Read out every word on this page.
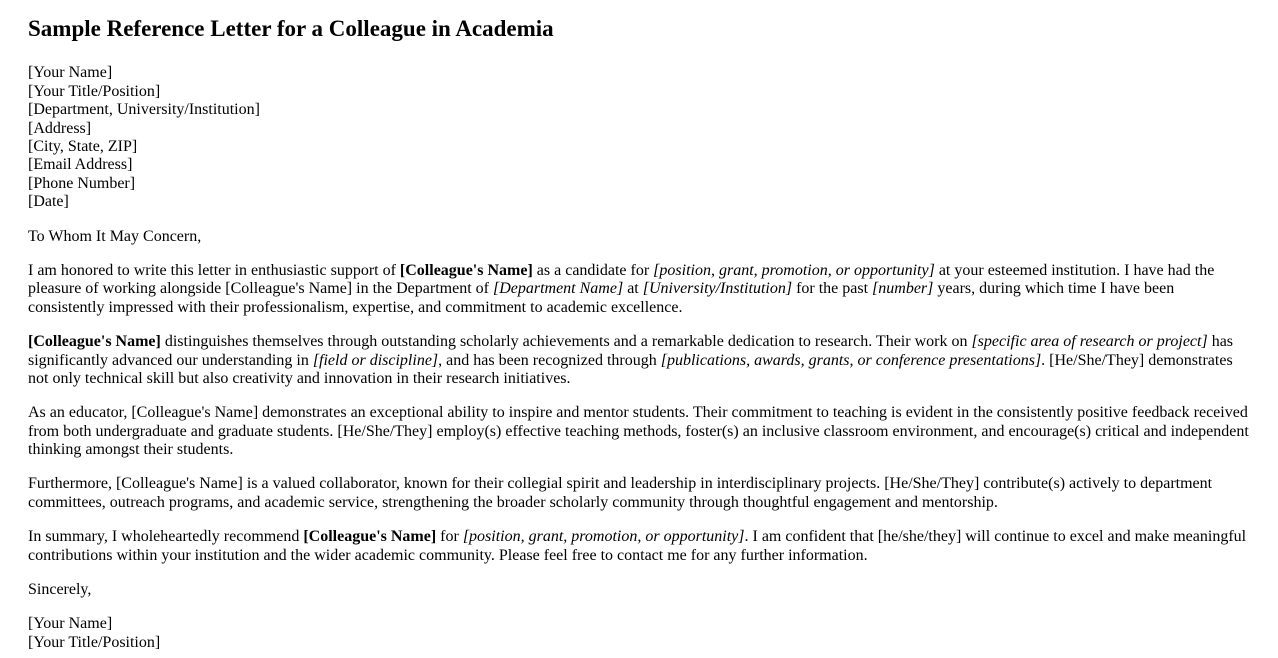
Sample Reference Letter for a Colleague in Academia

[Your Name]
[Your Title/Position]
[Department, University/Institution]
[Address]
[City, State, ZIP]
[Email Address]
[Phone Number]
[Date]

To Whom It May Concern,

I am honored to write this letter in enthusiastic support of [Colleague's Name] as a candidate for [position, grant, promotion, or opportunity] at your esteemed institution. I have had the pleasure of working alongside [Colleague's Name] in the Department of [Department Name] at [University/Institution] for the past [number] years, during which time I have been consistently impressed with their professionalism, expertise, and commitment to academic excellence.

[Colleague's Name] distinguishes themselves through outstanding scholarly achievements and a remarkable dedication to research. Their work on [specific area of research or project] has significantly advanced our understanding in [field or discipline], and has been recognized through [publications, awards, grants, or conference presentations]. [He/She/They] demonstrates not only technical skill but also creativity and innovation in their research initiatives.

As an educator, [Colleague's Name] demonstrates an exceptional ability to inspire and mentor students. Their commitment to teaching is evident in the consistently positive feedback received from both undergraduate and graduate students. [He/She/They] employ(s) effective teaching methods, foster(s) an inclusive classroom environment, and encourage(s) critical and independent thinking amongst their students.

Furthermore, [Colleague's Name] is a valued collaborator, known for their collegial spirit and leadership in interdisciplinary projects. [He/She/They] contribute(s) actively to department committees, outreach programs, and academic service, strengthening the broader scholarly community through thoughtful engagement and mentorship.

In summary, I wholeheartedly recommend [Colleague's Name] for [position, grant, promotion, or opportunity]. I am confident that [he/she/they] will continue to excel and make meaningful contributions within your institution and the wider academic community. Please feel free to contact me for any further information.

Sincerely,

[Your Name]
[Your Title/Position]
